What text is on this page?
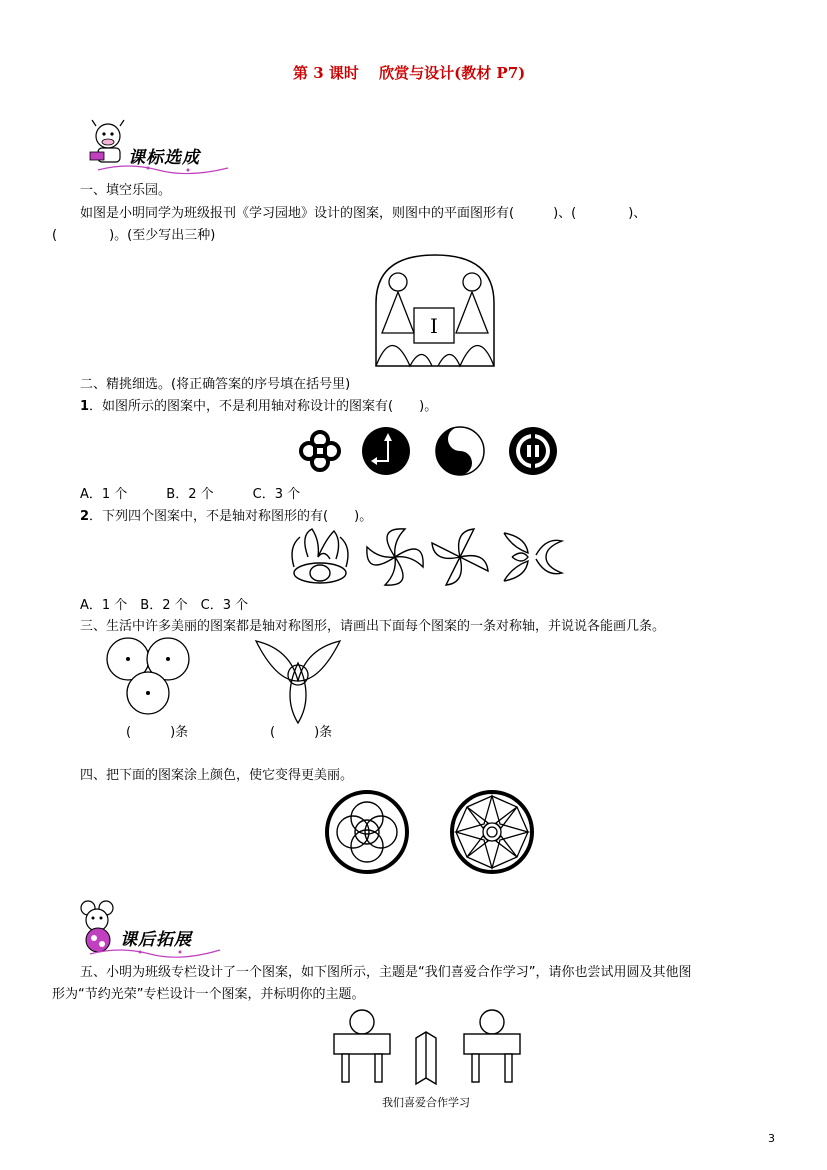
第 3 课时　 欣赏与设计(教材 P7)
课标选成
一、填空乐园。
如图是小明同学为班级报刊《学习园地》设计的图案，则图中的平面图形有(　　　)、(　　　　)、
(　　　　)。(至少写出三种)
I
二、精挑细选。(将正确答案的序号填在括号里)
1．如图所示的图案中，不是利用轴对称设计的图案有(　　)。
A．1 个　　　B．2 个　　　C．3 个
2．下列四个图案中，不是轴对称图形的有(　　)。
A．1 个　B．2 个　C．3 个
三、生活中许多美丽的图案都是轴对称图形，请画出下面每个图案的一条对称轴，并说说各能画几条。
(　　　)条	(　　　)条
四、把下面的图案涂上颜色，使它变得更美丽。
课后拓展
五、小明为班级专栏设计了一个图案，如下图所示，主题是“我们喜爱合作学习”，请你也尝试用圆及其他图
形为“节约光荣”专栏设计一个图案，并标明你的主题。
我们喜爱合作学习
3
